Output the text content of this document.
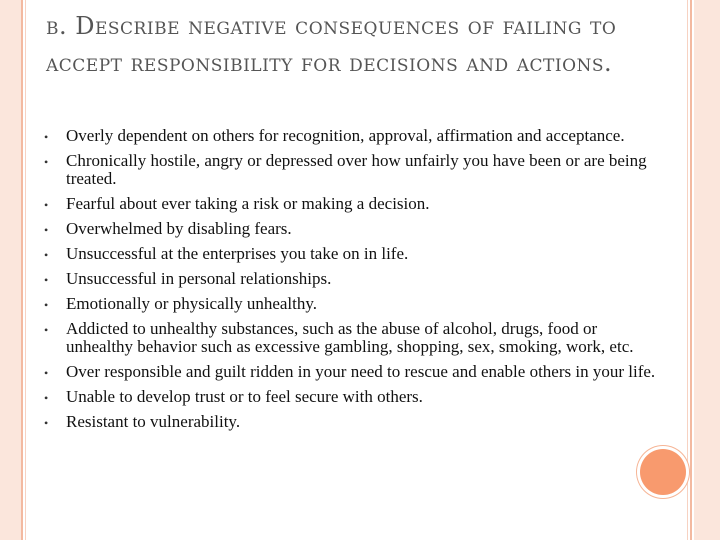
b. Describe negative consequences of failing to accept responsibility for decisions and actions.
• Overly dependent on others for recognition, approval, affirmation and acceptance.
• Chronically hostile, angry or depressed over how unfairly you have been or are being treated.
• Fearful about ever taking a risk or making a decision.
• Overwhelmed by disabling fears.
• Unsuccessful at the enterprises you take on in life.
• Unsuccessful in personal relationships.
• Emotionally or physically unhealthy.
• Addicted to unhealthy substances, such as the abuse of alcohol, drugs, food or unhealthy behavior such as excessive gambling, shopping, sex, smoking, work, etc.
• Over responsible and guilt ridden in your need to rescue and enable others in your life.
• Unable to develop trust or to feel secure with others.
• Resistant to vulnerability.
